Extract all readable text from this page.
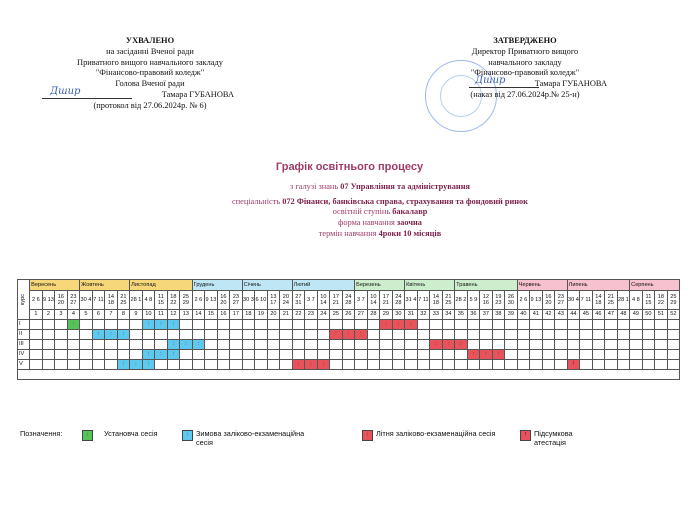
УХВАЛЕНО
на засіданні Вченої ради
Приватного вищого навчального закладу
"Фінансово-правовий коледж"
Голова Вченої ради
Дшир	Тамара ГУБАНОВА
(протокол від 27.06.2024р. № 6)
ЗАТВЕРДЖЕНО
Директор Приватного вищого
навчального закладу
"Фінансово-правовий коледж"
Дшир	Тамара ГУБАНОВА
(наказ від 27.06.2024р.№ 25-н)
Графік освітнього процесу
з галузі знань 07 Управління та адміністрування
спеціальність 072 Фінанси, банківська справа, страхування та фондовий ринок
освітній ступінь бакалавр
форма навчання заочна
термін навчання 4роки 10 місяців
курс	Вересень				Жовтень				Листопад					Грудень				Січень				Лютий					Березень				Квітень				Травень					Червень				Липень					Серпень			
	2 6	9 13	16 20	23 27	30 4	7 11	14 18	21 25	28 1	4 8	11 15	18 22	25 29	2 6	9 13	16 20	23 27	30 3	6 10	13 17	20 24	27 31	3 7	10 14	17 21	24 28	3 7	10 14	17 21	24 28	31 4	7 11	14 18	21 25	28 2	5 9	12 16	19 23	26 30	2 6	9 13	16 20	23 27	30 4	7 11	14 18	21 25	28 1	4 8	11 15	18 22	25 29
	1	2	3	4	5	6	7	8	9	10	11	12	13	14	15	16	17	18	19	20	21	22	23	24	25	26	27	28	29	30	31	32	33	34	35	36	37	38	39	40	41	42	43	44	45	46	47	48	49	50	51	52
I				:						:	:	:																	:	:	:																					
II						:	:	:																	:	:	:																									
III												:	:	:																			:	:	:																	
IV										:	:	:																								:	:	:														
V								:	:	:												:	:	:																				!								

Позначення:	:	Установча сесія	:	Зимова заліково-екзаменаційна сесія
:	Літня заліково-екзаменаційна сесія	!	Підсумкова атестація
